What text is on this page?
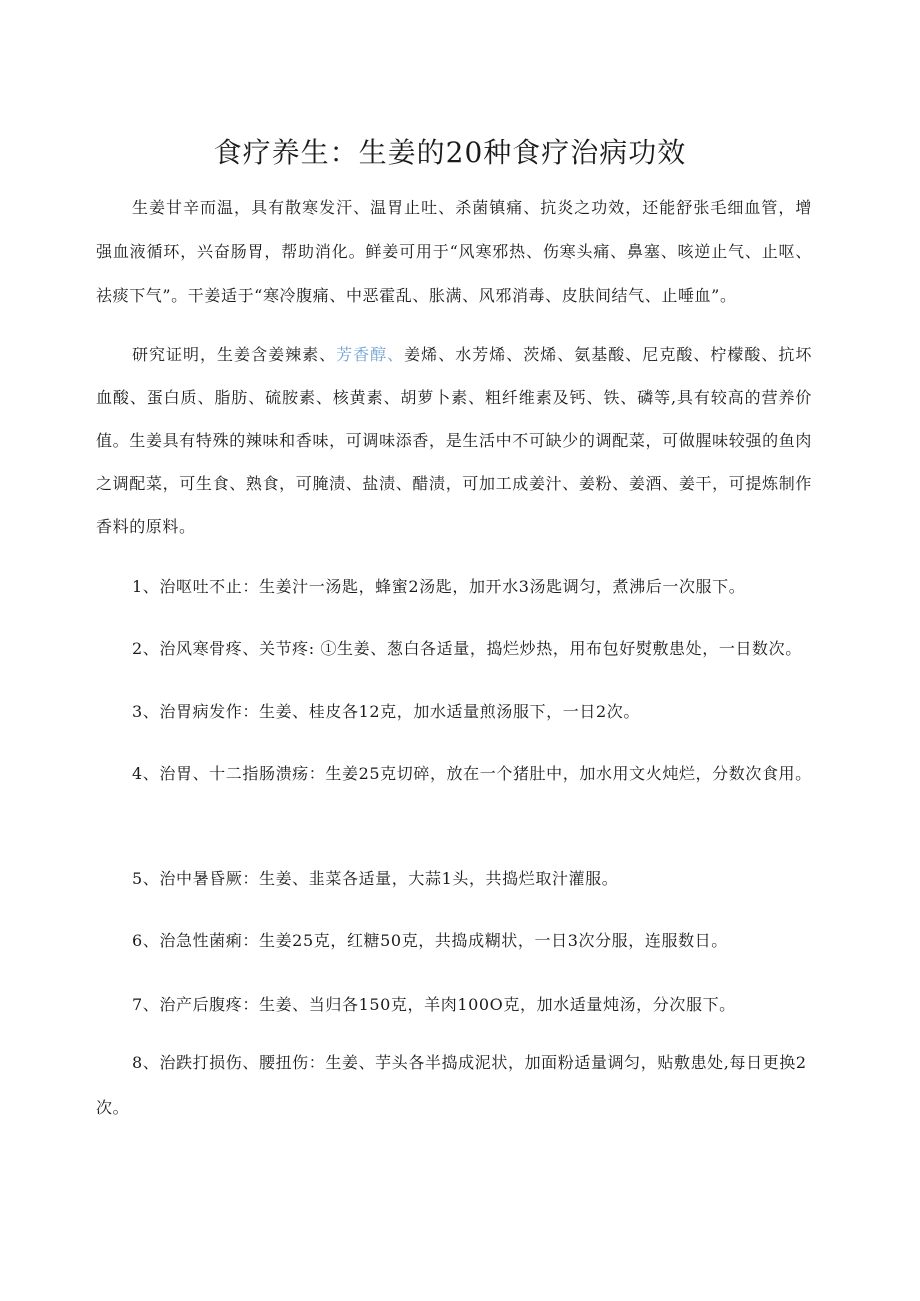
食疗养生：生姜的20种食疗治病功效

生姜甘辛而温，具有散寒发汗、温胃止吐、杀菌镇痛、抗炎之功效，还能舒张毛细血管，增强血液循环，兴奋肠胃，帮助消化。鲜姜可用于“风寒邪热、伤寒头痛、鼻塞、咳逆止气、止呕、祛痰下气”。干姜适于“寒冷腹痛、中恶霍乱、胀满、风邪消毒、皮肤间结气、止唾血”。

研究证明，生姜含姜辣素、芳香醇、姜烯、水芳烯、茨烯、氨基酸、尼克酸、柠檬酸、抗坏血酸、蛋白质、脂肪、硫胺素、核黄素、胡萝卜素、粗纤维素及钙、铁、磷等,具有较高的营养价值。生姜具有特殊的辣味和香味，可调味添香，是生活中不可缺少的调配菜，可做腥味较强的鱼肉之调配菜，可生食、熟食，可腌渍、盐渍、醋渍，可加工成姜汁、姜粉、姜酒、姜干，可提炼制作香料的原料。

1、治呕吐不止：生姜汁一汤匙，蜂蜜2汤匙，加开水3汤匙调匀，煮沸后一次服下。

2、治风寒骨疼、关节疼: ①生姜、葱白各适量，捣烂炒热，用布包好熨敷患处，一日数次。

3、治胃病发作：生姜、桂皮各12克，加水适量煎汤服下，一日2次。

4、治胃、十二指肠溃疡：生姜25克切碎，放在一个猪肚中，加水用文火炖烂，分数次食用。

5、治中暑昏厥：生姜、韭菜各适量，大蒜1头，共捣烂取汁灌服。

6、治急性菌痢：生姜25克，红糖50克，共捣成糊状，一日3次分服，连服数日。

7、治产后腹疼：生姜、当归各150克，羊肉100O克，加水适量炖汤，分次服下。

8、治跌打损伤、腰扭伤：生姜、芋头各半捣成泥状，加面粉适量调匀，贴敷患处,每日更换2次。
